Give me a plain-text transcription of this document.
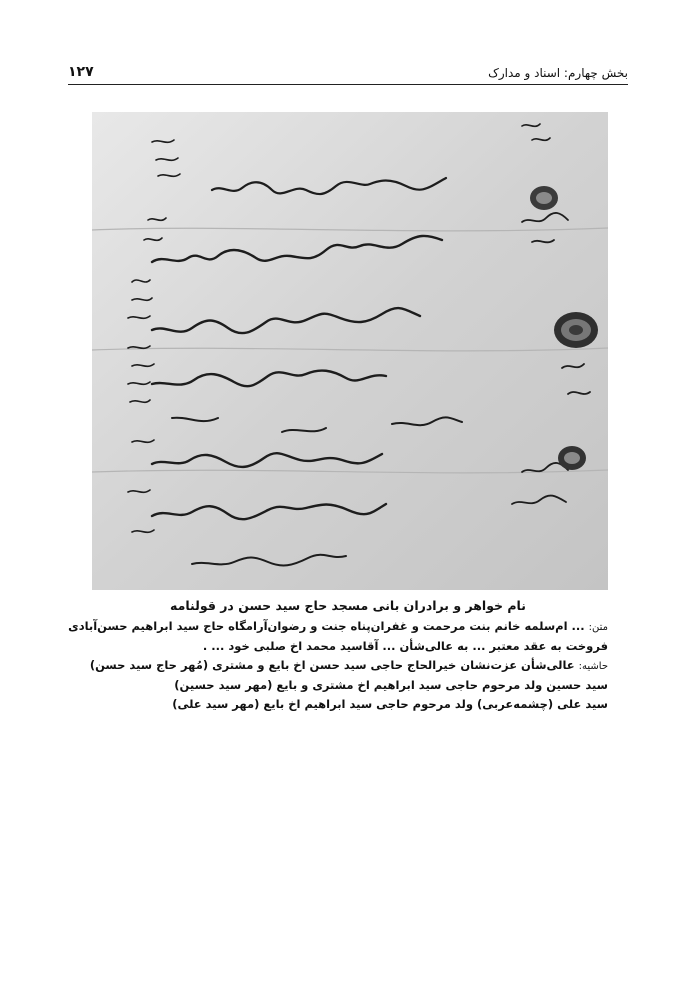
۱۲۷	بخش چهارم: اسناد و مدارک
نام خواهر و برادران بانی مسجد حاج سید حسن در قولنامه
متن: ... ام‌سلمه خانم بنت مرحمت و غفران‌پناه جنت و رضوان‌آرامگاه حاج سید ابراهیم حسن‌آبادی
فروخت به عقد معتبر ... به عالی‌شأن ... آقاسید محمد اخ صلبی خود ... .
حاشیه: عالی‌شأن عزت‌نشان خیرالحاج حاجی سید حسن اخ بایع و مشتری (مُهر حاج سید حسن)
سید حسین ولد مرحوم حاجی سید ابراهیم اخ مشتری و بایع (مهر سید حسین)
سید علی (چشمه‌عربی) ولد مرحوم حاجی سید ابراهیم اخ بایع (مهر سید علی)
